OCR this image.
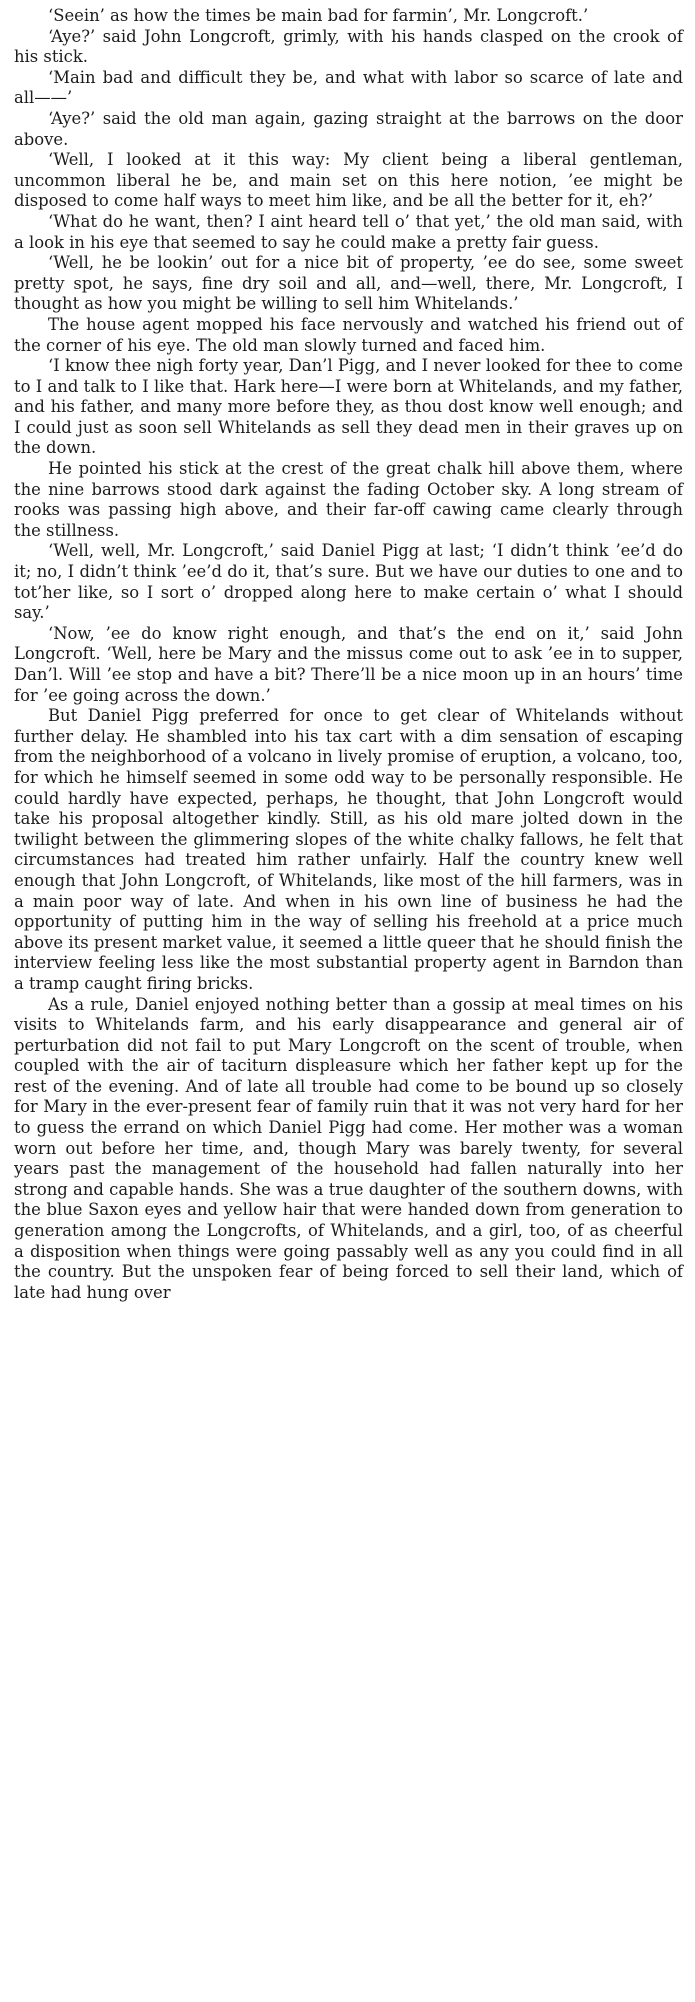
‘Seein’ as how the times be main bad for farmin’, Mr. Longcroft.’

‘Aye?’ said John Longcroft, grimly, with his hands clasped on the crook of his stick.

‘Main bad and difficult they be, and what with labor so scarce of late and all——’

‘Aye?’ said the old man again, gazing straight at the barrows on the door above.

‘Well, I looked at it this way: My client being a liberal gentleman, uncommon liberal he be, and main set on this here notion, ’ee might be disposed to come half ways to meet him like, and be all the better for it, eh?’

‘What do he want, then? I aint heard tell o’ that yet,’ the old man said, with a look in his eye that seemed to say he could make a pretty fair guess.

‘Well, he be lookin’ out for a nice bit of property, ’ee do see, some sweet pretty spot, he says, fine dry soil and all, and—well, there, Mr. Longcroft, I thought as how you might be willing to sell him Whitelands.’

The house agent mopped his face nervously and watched his friend out of the corner of his eye. The old man slowly turned and faced him.

‘I know thee nigh forty year, Dan’l Pigg, and I never looked for thee to come to I and talk to I like that. Hark here—I were born at Whitelands, and my father, and his father, and many more before they, as thou dost know well enough; and I could just as soon sell Whitelands as sell they dead men in their graves up on the down.

He pointed his stick at the crest of the great chalk hill above them, where the nine barrows stood dark against the fading October sky. A long stream of rooks was passing high above, and their far-off cawing came clearly through the stillness.

‘Well, well, Mr. Longcroft,’ said Daniel Pigg at last; ‘I didn’t think ’ee’d do it; no, I didn’t think ’ee’d do it, that’s sure. But we have our duties to one and to tot’her like, so I sort o’ dropped along here to make certain o’ what I should say.’

‘Now, ’ee do know right enough, and that’s the end on it,’ said John Longcroft. ‘Well, here be Mary and the missus come out to ask ’ee in to supper, Dan’l. Will ’ee stop and have a bit? There’ll be a nice moon up in an hours’ time for ’ee going across the down.’

But Daniel Pigg preferred for once to get clear of Whitelands without further delay. He shambled into his tax cart with a dim sensation of escaping from the neighborhood of a volcano in lively promise of eruption, a volcano, too, for which he himself seemed in some odd way to be personally responsible. He could hardly have expected, perhaps, he thought, that John Longcroft would take his proposal altogether kindly. Still, as his old mare jolted down in the twilight between the glimmering slopes of the white chalky fallows, he felt that circumstances had treated him rather unfairly. Half the country knew well enough that John Longcroft, of Whitelands, like most of the hill farmers, was in a main poor way of late. And when in his own line of business he had the opportunity of putting him in the way of selling his freehold at a price much above its present market value, it seemed a little queer that he should finish the interview feeling less like the most substantial property agent in Barndon than a tramp caught firing bricks.

As a rule, Daniel enjoyed nothing better than a gossip at meal times on his visits to Whitelands farm, and his early disappearance and general air of perturbation did not fail to put Mary Longcroft on the scent of trouble, when coupled with the air of taciturn displeasure which her father kept up for the rest of the evening. And of late all trouble had come to be bound up so closely for Mary in the ever-present fear of family ruin that it was not very hard for her to guess the errand on which Daniel Pigg had come. Her mother was a woman worn out before her time, and, though Mary was barely twenty, for several years past the management of the household had fallen naturally into her strong and capable hands. She was a true daughter of the southern downs, with the blue Saxon eyes and yellow hair that were handed down from generation to generation among the Longcrofts, of Whitelands, and a girl, too, of as cheerful a disposition when things were going passably well as any you could find in all the country. But the unspoken fear of being forced to sell their land, which of late had hung over
